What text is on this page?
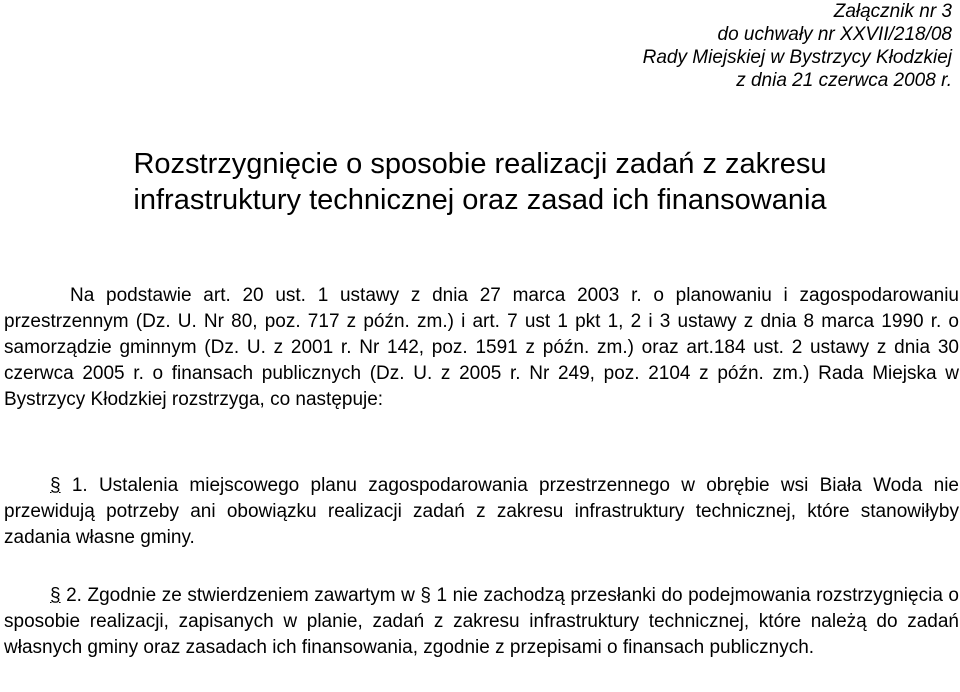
Załącznik nr 3
do uchwały nr XXVII/218/08
Rady Miejskiej w Bystrzycy Kłodzkiej
z dnia 21 czerwca 2008 r.
Rozstrzygnięcie o sposobie realizacji zadań z zakresu
infrastruktury technicznej oraz zasad ich finansowania
Na podstawie art. 20 ust. 1 ustawy z dnia 27 marca 2003 r. o planowaniu i zagospodarowaniu przestrzennym (Dz. U. Nr 80, poz. 717 z późn. zm.) i art. 7 ust 1 pkt 1, 2 i 3 ustawy z dnia 8 marca 1990 r. o samorządzie gminnym (Dz. U. z 2001 r. Nr 142, poz. 1591 z późn. zm.) oraz art.184 ust. 2 ustawy z dnia 30 czerwca 2005 r. o finansach publicznych (Dz. U. z 2005 r. Nr 249, poz. 2104 z późn. zm.) Rada Miejska w Bystrzycy Kłodzkiej rozstrzyga, co następuje:
§ 1. Ustalenia miejscowego planu zagospodarowania przestrzennego w obrębie wsi Biała Woda nie przewidują potrzeby ani obowiązku realizacji zadań z zakresu infrastruktury technicznej, które stanowiłyby zadania własne gminy.
§ 2. Zgodnie ze stwierdzeniem zawartym w § 1 nie zachodzą przesłanki do podejmowania rozstrzygnięcia o sposobie realizacji, zapisanych w planie, zadań z zakresu infrastruktury technicznej, które należą do zadań własnych gminy oraz zasadach ich finansowania, zgodnie z przepisami o finansach publicznych.
